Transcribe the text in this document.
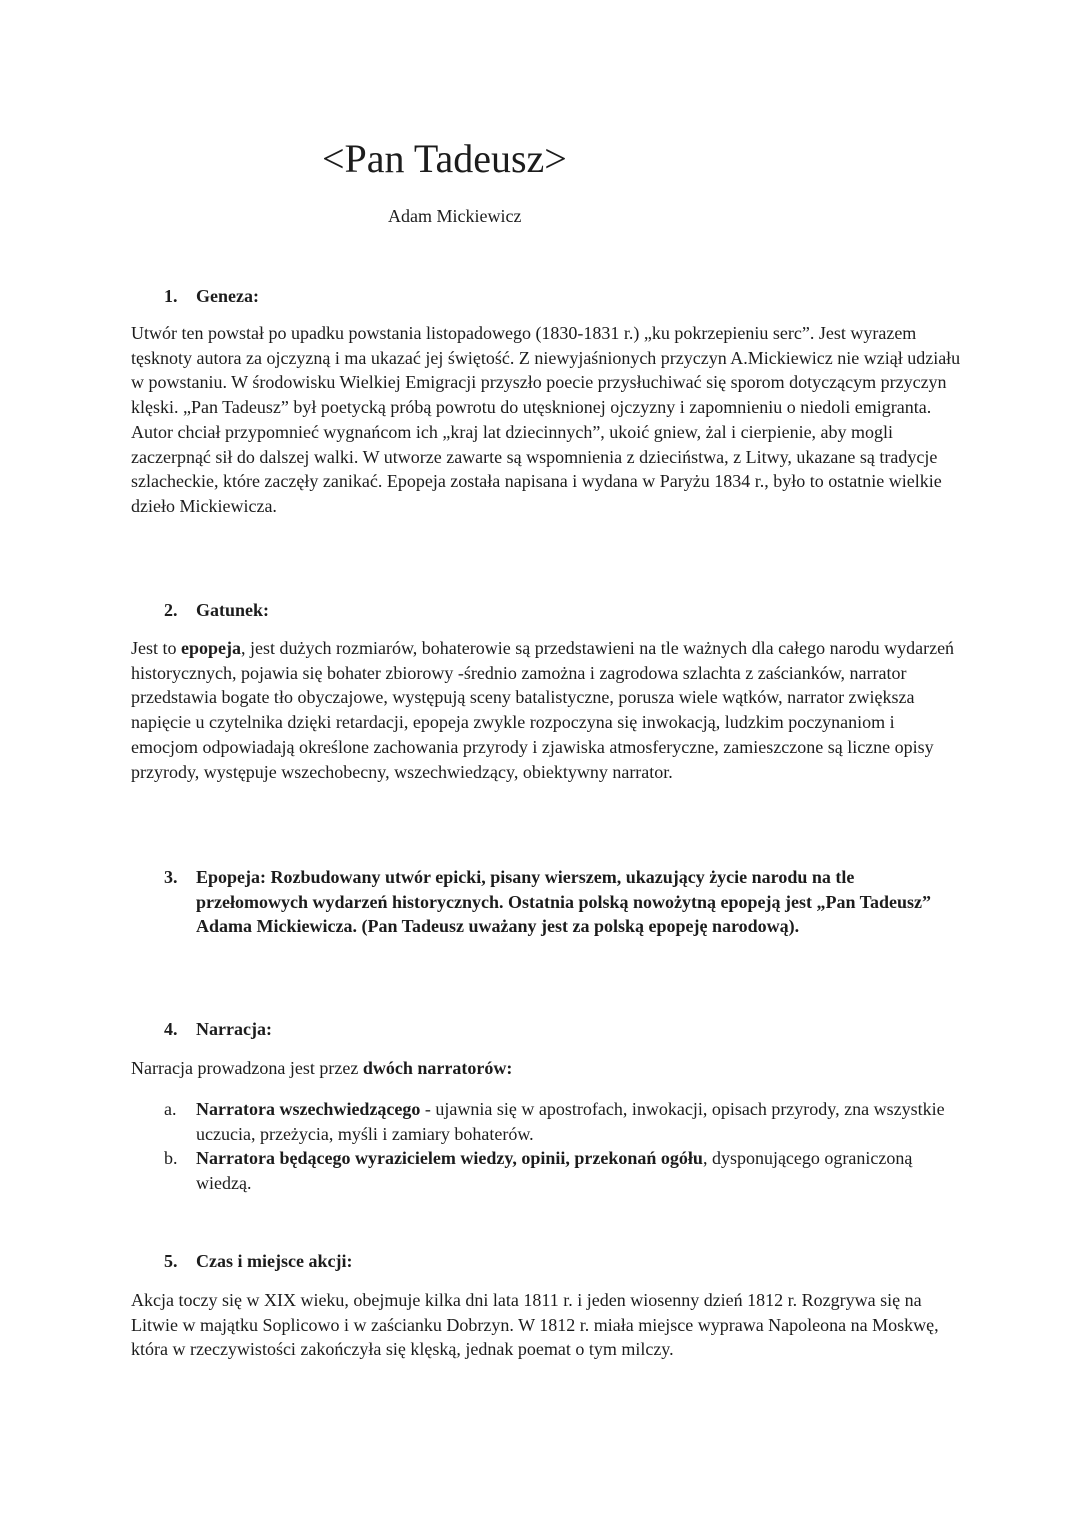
<Pan Tadeusz>

Adam Mickiewicz

1. Geneza:

Utwór ten powstał po upadku powstania listopadowego (1830-1831 r.) „ku pokrzepieniu serc”. Jest wyrazem tęsknoty autora za ojczyzną i ma ukazać jej świętość. Z niewyjaśnionych przyczyn A.Mickiewicz nie wziął udziału w powstaniu. W środowisku Wielkiej Emigracji przyszło poecie przysłuchiwać się sporom dotyczącym przyczyn klęski. „Pan Tadeusz” był poetycką próbą powrotu do utęsknionej ojczyzny i zapomnieniu o niedoli emigranta. Autor chciał przypomnieć wygnańcom ich „kraj lat dziecinnych”, ukoić gniew, żal i cierpienie, aby mogli zaczerpnąć sił do dalszej walki. W utworze zawarte są wspomnienia z dzieciństwa, z Litwy, ukazane są tradycje szlacheckie, które zaczęły zanikać. Epopeja została napisana i wydana w Paryżu 1834 r., było to ostatnie wielkie dzieło Mickiewicza.

2. Gatunek:

Jest to epopeja, jest dużych rozmiarów, bohaterowie są przedstawieni na tle ważnych dla całego narodu wydarzeń historycznych, pojawia się bohater zbiorowy -średnio zamożna i zagrodowa szlachta z zaścianków, narrator przedstawia bogate tło obyczajowe, występują sceny batalistyczne, porusza wiele wątków, narrator zwiększa napięcie u czytelnika dzięki retardacji, epopeja zwykle rozpoczyna się inwokacją, ludzkim poczynaniom i emocjom odpowiadają określone zachowania przyrody i zjawiska atmosferyczne, zamieszczone są liczne opisy przyrody, występuje wszechobecny, wszechwiedzący, obiektywny narrator.

3.	Epopeja: Rozbudowany utwór epicki, pisany wierszem, ukazujący życie narodu na tle przełomowych wydarzeń historycznych. Ostatnia polską nowożytną epopeją jest „Pan Tadeusz” Adama Mickiewicza. (Pan Tadeusz uważany jest za polską epopeję narodową).
4. Narracja:

Narracja prowadzona jest przez dwóch narratorów:

a.	Narratora wszechwiedzącego - ujawnia się w apostrofach, inwokacji, opisach przyrody, zna wszystkie uczucia, przeżycia, myśli i zamiary bohaterów.
b.	Narratora będącego wyrazicielem wiedzy, opinii, przekonań ogółu, dysponującego ograniczoną wiedzą.
5. Czas i miejsce akcji:

Akcja toczy się w XIX wieku, obejmuje kilka dni lata 1811 r. i jeden wiosenny dzień 1812 r. Rozgrywa się na Litwie w majątku Soplicowo i w zaścianku Dobrzyn. W 1812 r. miała miejsce wyprawa Napoleona na Moskwę, która w rzeczywistości zakończyła się klęską, jednak poemat o tym milczy.
